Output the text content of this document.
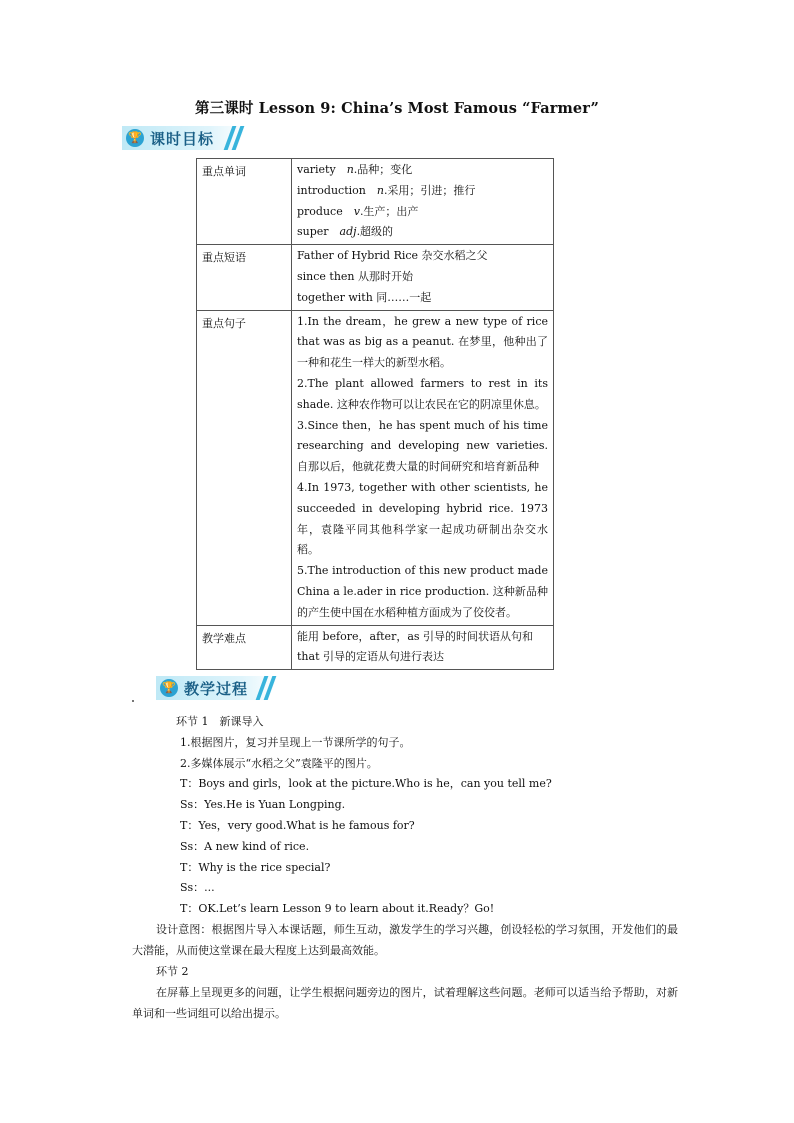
第三课时 Lesson 9: China’s Most Famous “Farmer”
🏆 课时目标
重点单词	variety　n.品种；变化
introduction　n.采用；引进；推行
produce　v.生产；出产
super　adj.超级的

重点短语	Father of Hybrid Rice 杂交水稻之父
since then 从那时开始
together with 同……一起

重点句子	1.In the dream，he grew a new type of rice that was as big as a peanut. 在梦里，他种出了一种和花生一样大的新型水稻。
2.The plant allowed farmers to rest in its shade. 这种农作物可以让农民在它的阴凉里休息。
3.Since then，he has spent much of his time researching and developing new varieties. 自那以后，他就花费大量的时间研究和培育新品种
4.In 1973, together with other scientists, he succeeded in developing hybrid rice. 1973年，袁隆平同其他科学家一起成功研制出杂交水稻。
5.The introduction of this new product made China a le.ader in rice production. 这种新品种的产生使中国在水稻种植方面成为了佼佼者。

教学难点	能用 before，after，as 引导的时间状语从句和 that 引导的定语从句进行表达
🏆 教学过程
环节 1　新课导入
1.根据图片，复习并呈现上一节课所学的句子。
2.多媒体展示“水稻之父”袁隆平的图片。
T：Boys and girls，look at the picture.Who is he，can you tell me?
Ss：Yes.He is Yuan Longping.
T：Yes，very good.What is he famous for?
Ss：A new kind of rice.
T：Why is the rice special?
Ss：...
T：OK.Let’s learn Lesson 9 to learn about it.Ready？Go!
设计意图：根据图片导入本课话题，师生互动，激发学生的学习兴趣，创设轻松的学习氛围，开发他们的最大潜能，从而使这堂课在最大程度上达到最高效能。
环节 2
在屏幕上呈现更多的问题，让学生根据问题旁边的图片，试着理解这些问题。老师可以适当给予帮助，对新单词和一些词组可以给出提示。
